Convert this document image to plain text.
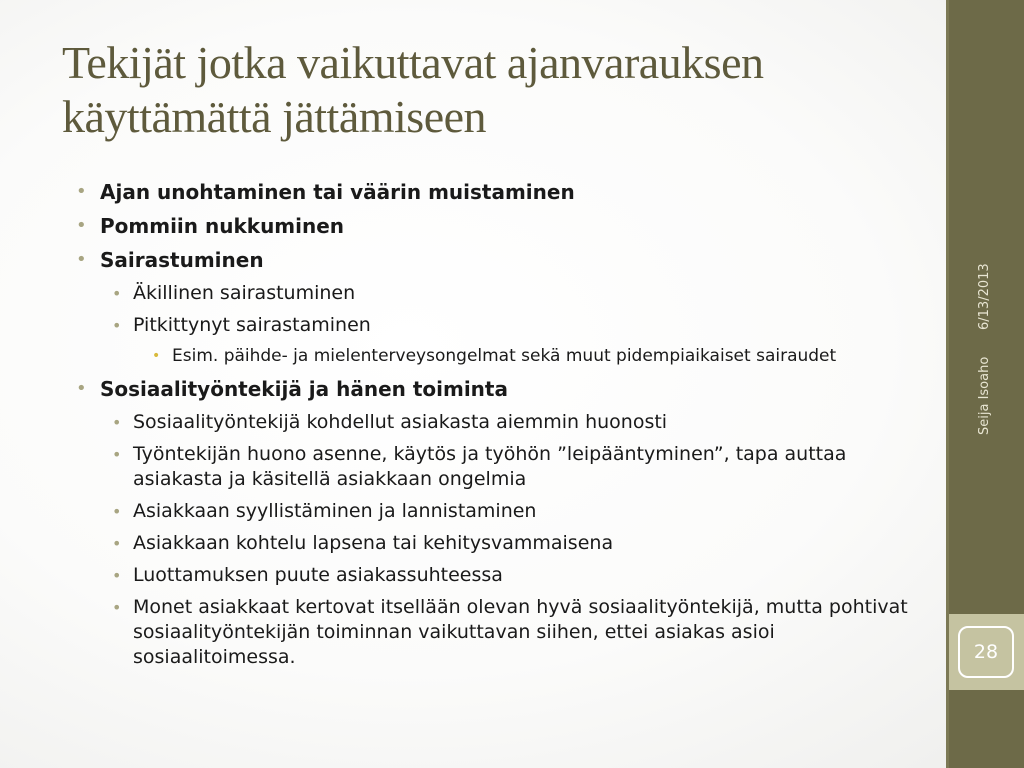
Tekijät jotka vaikuttavat ajanvarauksen käyttämättä jättämiseen
• Ajan unohtaminen tai väärin muistaminen
• Pommiin nukkuminen
• Sairastuminen
• Äkillinen sairastuminen
• Pitkittynyt sairastaminen
• Esim. päihde- ja mielenterveysongelmat sekä muut pidempiaikaiset sairaudet
• Sosiaalityöntekijä ja hänen toiminta
• Sosiaalityöntekijä kohdellut asiakasta aiemmin huonosti
• Työntekijän huono asenne, käytös ja työhön ”leipääntyminen”, tapa auttaa asiakasta ja käsitellä asiakkaan ongelmia
• Asiakkaan syyllistäminen ja lannistaminen
• Asiakkaan kohtelu lapsena tai kehitysvammaisena
• Luottamuksen puute asiakassuhteessa
• Monet asiakkaat kertovat itsellään olevan hyvä sosiaalityöntekijä, mutta pohtivat sosiaalityöntekijän toiminnan vaikuttavan siihen, ettei asiakas asioi sosiaalitoimessa.
6/13/2013
Seija Isoaho
28
